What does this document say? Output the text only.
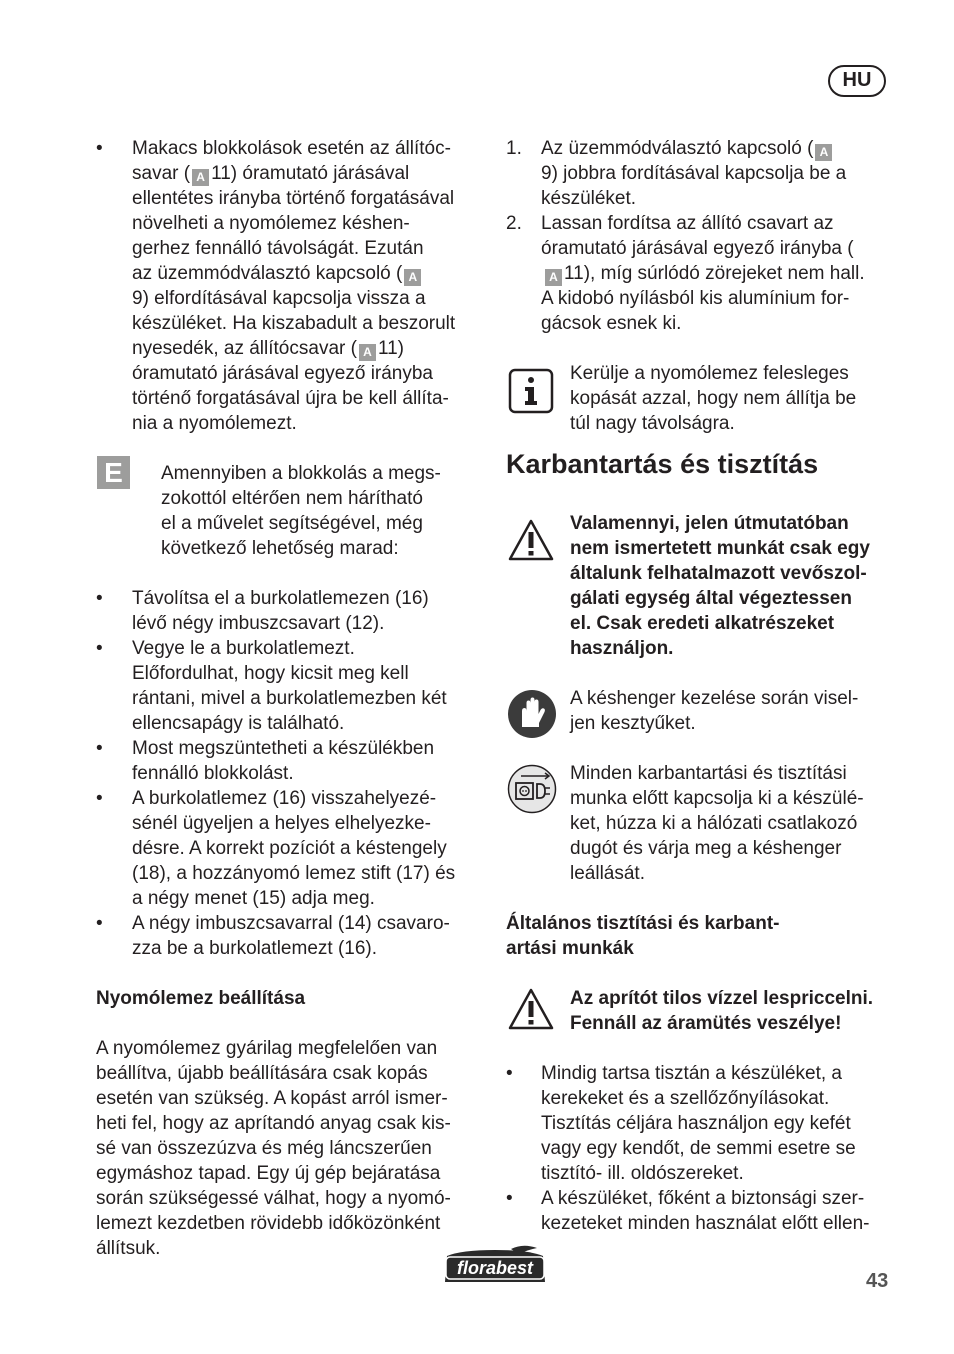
HU
• Makacs blokkolások esetén az állítóc-
savar ( A 11) óramutató járásával
ellentétes irányba történő forgatásával
növelheti a nyomólemez késhen-
gerhez fennálló távolságát. Ezután
az üzemmódválasztó kapcsoló ( A
9) elfordításával kapcsolja vissza a
készüléket. Ha kiszabadult a beszorult
nyesedék, az állítócsavar ( A 11)
óramutató járásával egyező irányba
történő forgatásával újra be kell állíta-
nia a nyomólemezt.
E	Amennyiben a blokkolás a megs-
zokottól eltérően nem hárítható
el a művelet segítségével, még
következő lehetőség marad:
• Távolítsa el a burkolatlemezen (16)
lévő négy imbuszcsavart (12).
• Vegye le a burkolatlemezt.
Előfordulhat, hogy kicsit meg kell
rántani, mivel a burkolatlemezben két
ellencsapágy is található.
• Most megszüntetheti a készülékben
fennálló blokkolást.
• A burkolatlemez (16) visszahelyezé-
sénél ügyeljen a helyes elhelyezke-
désre. A korrekt pozíciót a késtengely
(18), a hozzányomó lemez stift (17) és
a négy menet (15) adja meg.
• A négy imbuszcsavarral (14) csavaro-
zza be a burkolatlemezt (16).
Nyomólemez beállítása
A nyomólemez gyárilag megfelelően van
beállítva, újabb beállítására csak kopás
esetén van szükség. A kopást arról ismer-
heti fel, hogy az aprítandó anyag csak kis-
sé van összezúzva és még láncszerűen
egymáshoz tapad. Egy új gép bejáratása
során szükségessé válhat, hogy a nyomó-
lemezt kezdetben rövidebb időközönként
állítsuk.
1. Az üzemmódválasztó kapcsoló ( A
9) jobbra fordításával kapcsolja be a
készüléket.
2. Lassan fordítsa az állító csavart az
óramutató járásával egyező irányba (
A 11), míg súrlódó zörejeket nem hall.
A kidobó nyílásból kis alumínium for-
gácsok esnek ki.
Kerülje a nyomólemez felesleges
kopását azzal, hogy nem állítja be
túl nagy távolságra.
Karbantartás és tisztítás
Valamennyi, jelen útmutatóban
nem ismertetett munkát csak egy
általunk felhatalmazott vevőszol-
gálati egység által végeztessen
el. Csak eredeti alkatrészeket
használjon.
A késhenger kezelése során visel-
jen kesztyűket.
Minden karbantartási és tisztítási
munka előtt kapcsolja ki a készülé-
ket, húzza ki a hálózati csatlakozó
dugót és várja meg a késhenger
leállását.
Általános tisztítási és karbant-
artási munkák
Az aprítót tilos vízzel lespriccelni.
Fennáll az áramütés veszélye!
• Mindig tartsa tisztán a készüléket, a
kerekeket és a szellőzőnyílásokat.
Tisztítás céljára használjon egy kefét
vagy egy kendőt, de semmi esetre se
tisztító- ill. oldószereket.
• A készüléket, főként a biztonsági szer-
kezeteket minden használat előtt ellen-
florabest
43
